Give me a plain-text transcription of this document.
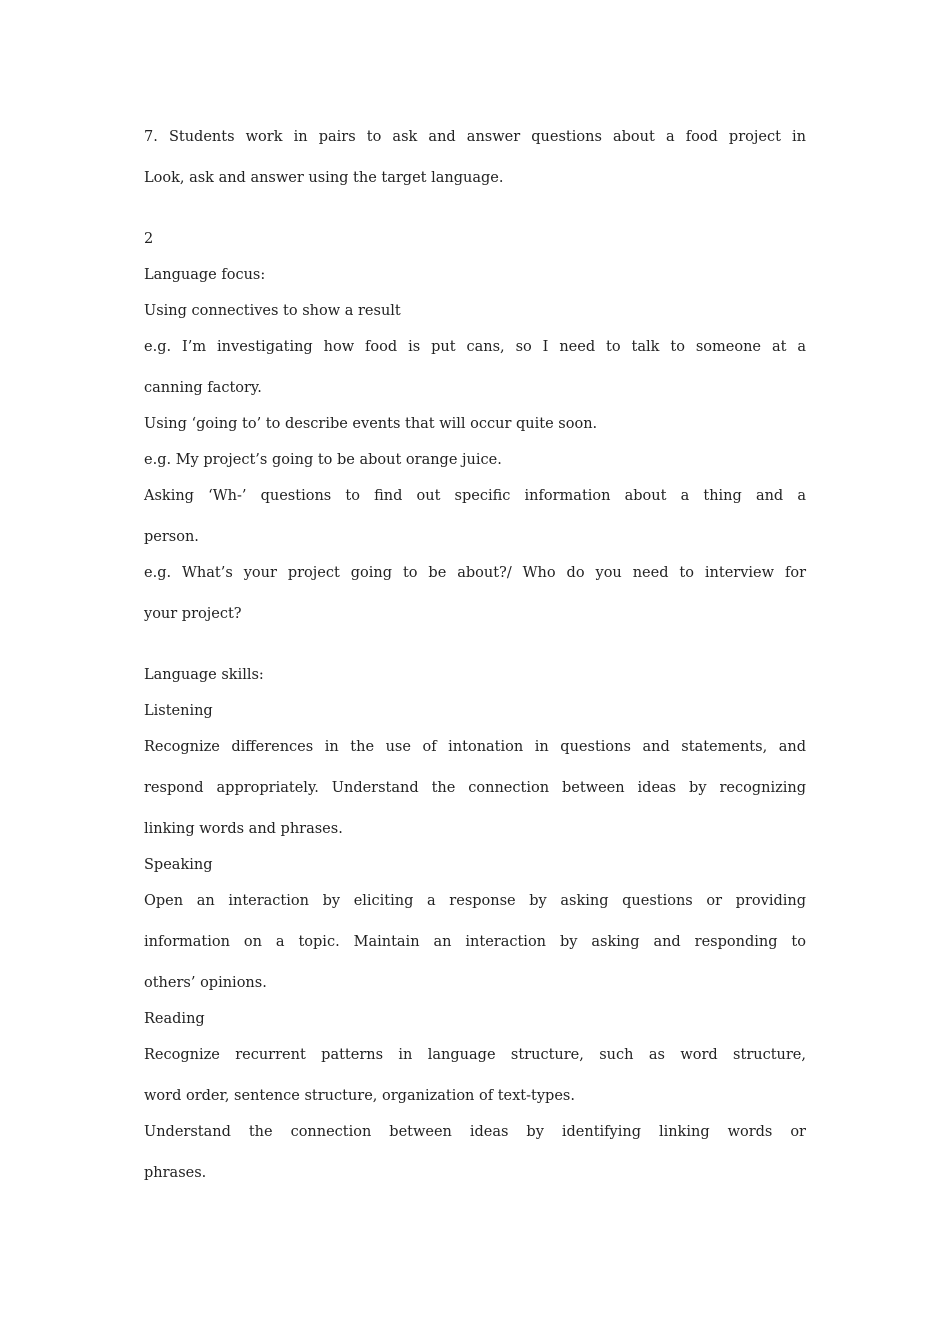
7. Students work in pairs to ask and answer questions about a food project in
Look, ask and answer using the target language.
2
Language focus:
Using connectives to show a result
e.g. I’m investigating how food is put cans, so I need to talk to someone at a
canning factory.
Using ‘going to’ to describe events that will occur quite soon.
e.g. My project’s going to be about orange juice.
Asking ‘Wh-’ questions to find out specific information about a thing and a
person.
e.g. What’s your project going to be about?/ Who do you need to interview for
your project?
Language skills:
Listening
Recognize differences in the use of intonation in questions and statements, and
respond appropriately. Understand the connection between ideas by recognizing
linking words and phrases.
Speaking
Open an interaction by eliciting a response by asking questions or providing
information on a topic. Maintain an interaction by asking and responding to
others’ opinions.
Reading
Recognize recurrent patterns in language structure, such as word structure,
word order, sentence structure, organization of text-types.
Understand the connection between ideas by identifying linking words or
phrases.
